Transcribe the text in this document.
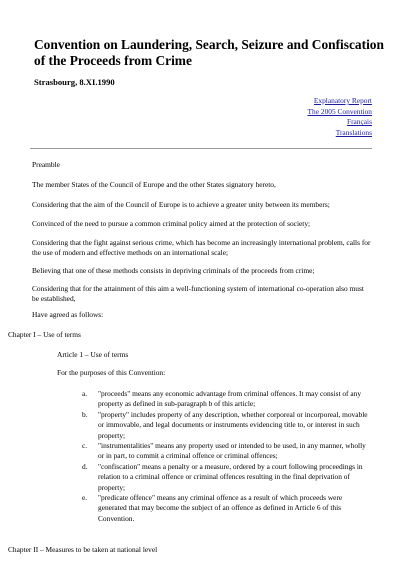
Convention on Laundering, Search, Seizure and Confiscation of the Proceeds from Crime

Strasbourg, 8.XI.1990

Explanatory Report
The 2005 Convention
Français
Translations

Preamble

The member States of the Council of Europe and the other States signatory hereto,

Considering that the aim of the Council of Europe is to achieve a greater unity between its members;

Convinced of the need to pursue a common criminal policy aimed at the protection of society;

Considering that the fight against serious crime, which has become an increasingly international problem, calls for the use of modern and effective methods on an international scale;

Believing that one of these methods consists in depriving criminals of the proceeds from crime;

Considering that for the attainment of this aim a well-functioning system of international co-operation also must be established,

Have agreed as follows:

Chapter I – Use of terms

Article 1 – Use of terms

For the purposes of this Convention:

a. "proceeds" means any economic advantage from criminal offences. It may consist of any property as defined in sub-paragraph b of this article;
b. "property" includes property of any description, whether corporeal or incorporeal, movable or immovable, and legal documents or instruments evidencing title to, or interest in such property;
c. "instrumentalities" means any property used or intended to be used, in any manner, wholly or in part, to commit a criminal offence or criminal offences;
d. "confiscation" means a penalty or a measure, ordered by a court following proceedings in relation to a criminal offence or criminal offences resulting in the final deprivation of property;
e. "predicate offence" means any criminal offence as a result of which proceeds were generated that may become the subject of an offence as defined in Article 6 of this Convention.

Chapter II – Measures to be taken at national level
